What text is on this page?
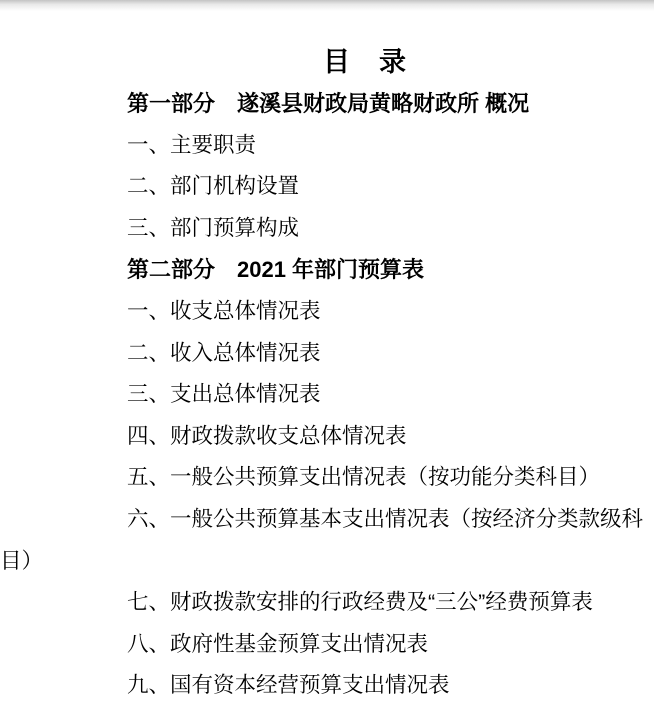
目　录

第一部分　遂溪县财政局黄略财政所 概况

一、主要职责

二、部门机构设置

三、部门预算构成

第二部分　2021 年部门预算表

一、收支总体情况表

二、收入总体情况表

三、支出总体情况表

四、财政拨款收支总体情况表

五、一般公共预算支出情况表（按功能分类科目）

六、一般公共预算基本支出情况表（按经济分类款级科目）

七、财政拨款安排的行政经费及“三公”经费预算表

八、政府性基金预算支出情况表

九、国有资本经营预算支出情况表
